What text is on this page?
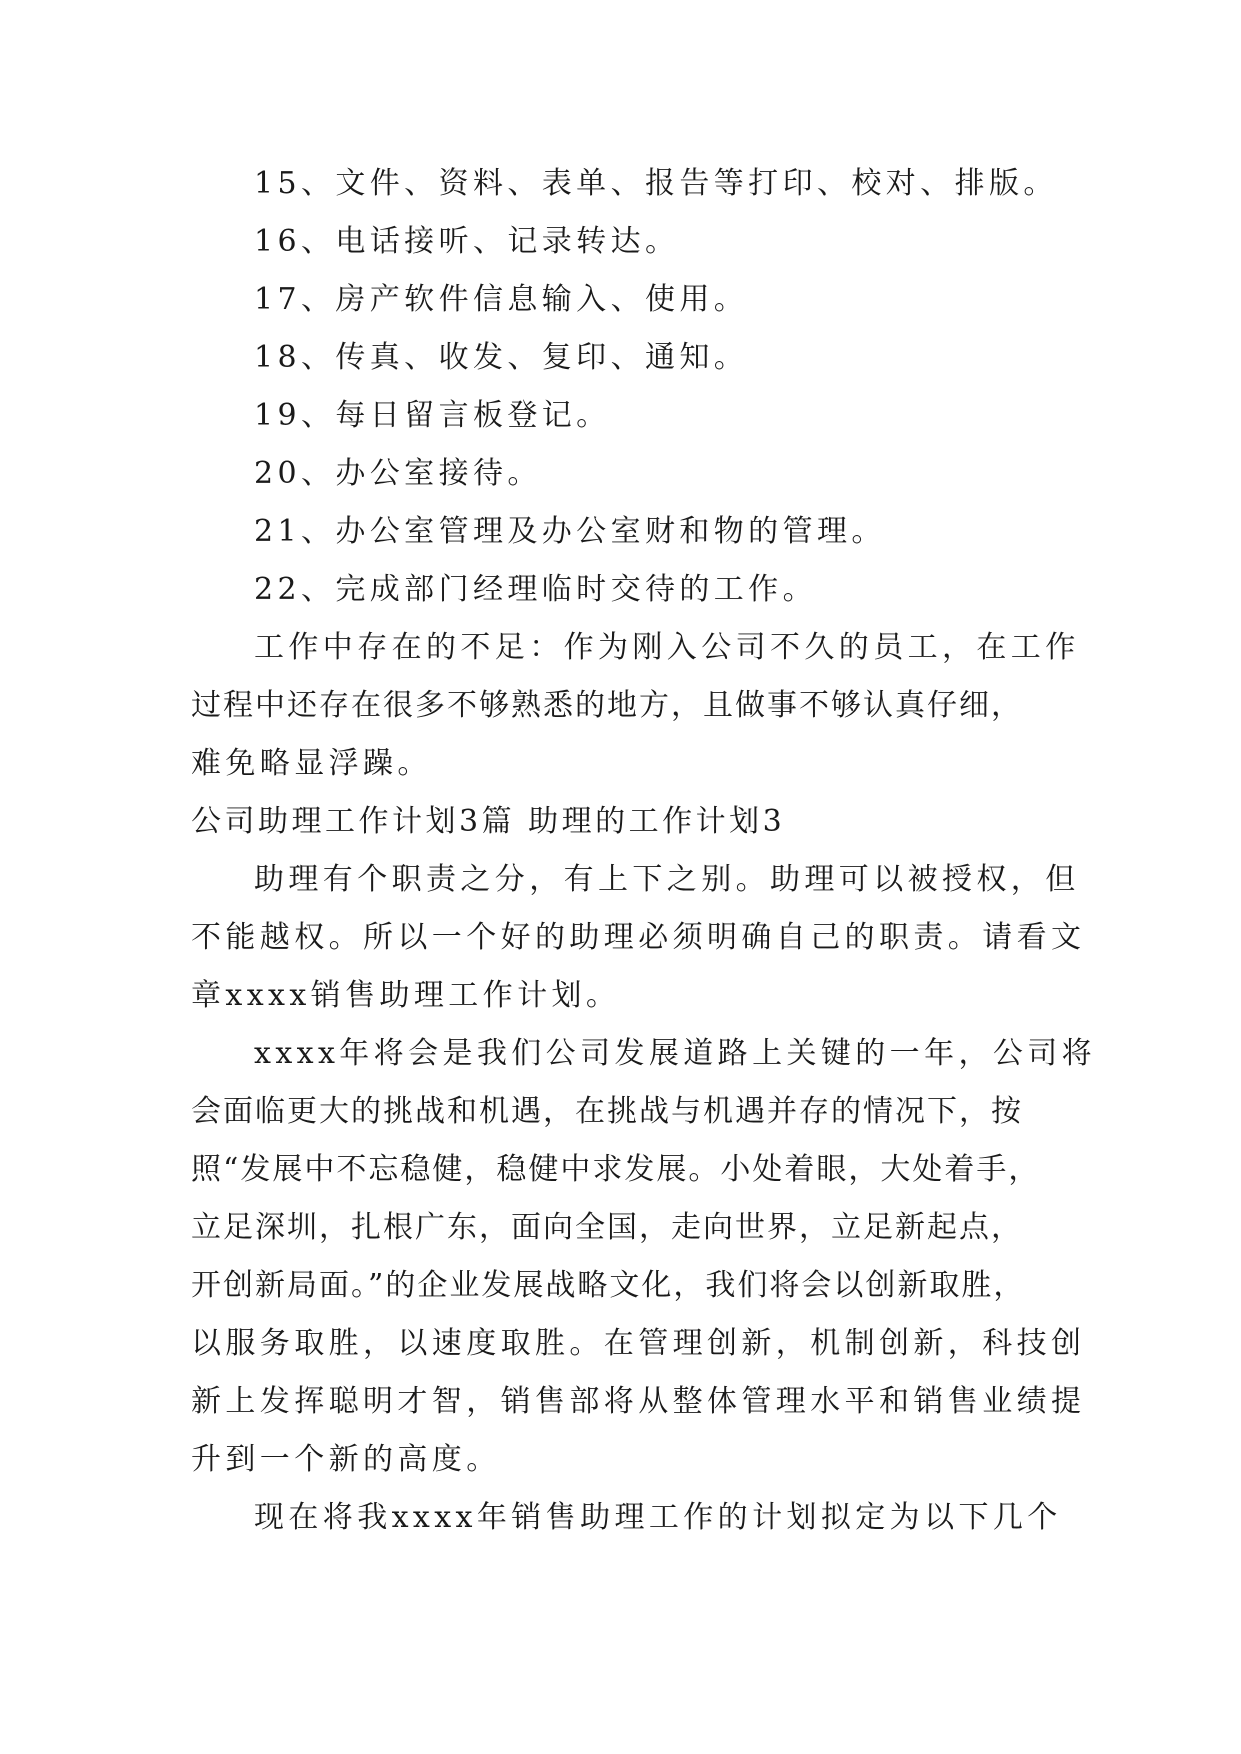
15、文件、资料、表单、报告等打印、校对、排版。
16、电话接听、记录转达。
17、房产软件信息输入、使用。
18、传真、收发、复印、通知。
19、每日留言板登记。
20、办公室接待。
21、办公室管理及办公室财和物的管理。
22、完成部门经理临时交待的工作。
工作中存在的不足：作为刚入公司不久的员工，在工作
过程中还存在很多不够熟悉的地方，且做事不够认真仔细，
难免略显浮躁。
公司助理工作计划3篇 助理的工作计划3
助理有个职责之分，有上下之别。助理可以被授权，但
不能越权。所以一个好的助理必须明确自己的职责。请看文
章xxxx销售助理工作计划。
xxxx年将会是我们公司发展道路上关键的一年，公司将
会面临更大的挑战和机遇，在挑战与机遇并存的情况下，按
照“发展中不忘稳健，稳健中求发展。小处着眼，大处着手，
立足深圳，扎根广东，面向全国，走向世界，立足新起点，
开创新局面。”的企业发展战略文化，我们将会以创新取胜，
以服务取胜，以速度取胜。在管理创新，机制创新，科技创
新上发挥聪明才智，销售部将从整体管理水平和销售业绩提
升到一个新的高度。
现在将我xxxx年销售助理工作的计划拟定为以下几个
